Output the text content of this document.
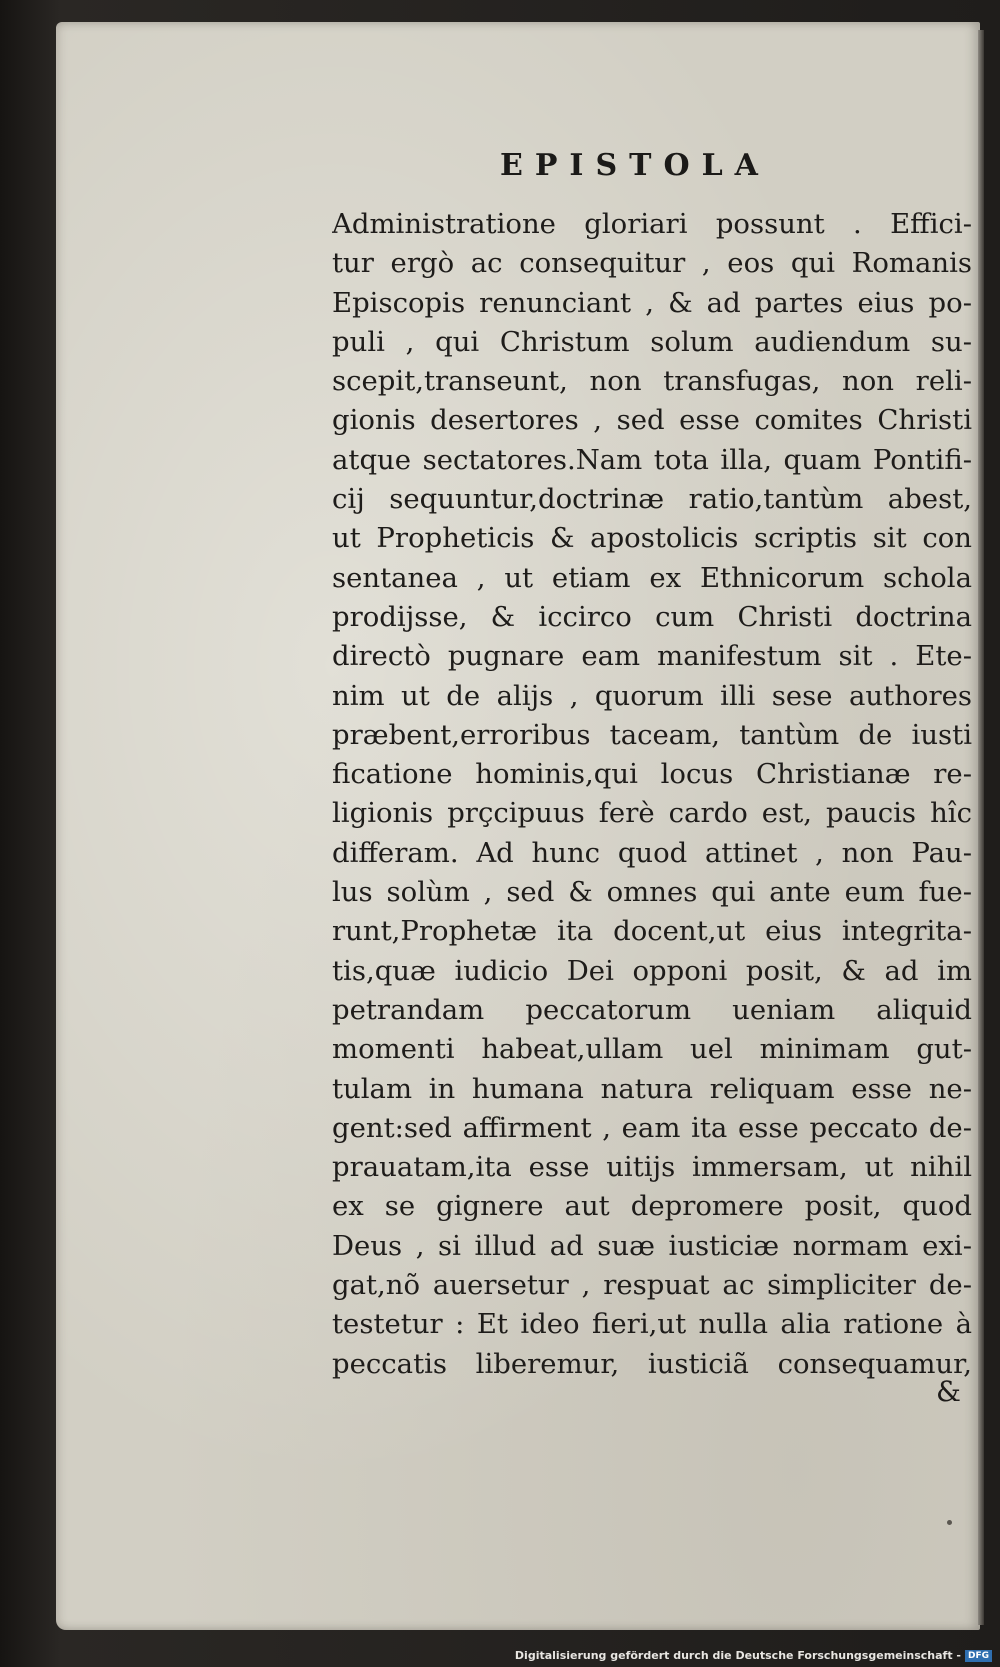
EPISTOLA
Administratione gloriari possunt . Effici-
tur ergò ac consequitur , eos qui Romanis
Episcopis renunciant , & ad partes eius po-
puli , qui Christum solum audiendum su-
scepit,transeunt, non transfugas, non reli-
gionis desertores , sed esse comites Christi
atque sectatores.Nam tota illa, quam Pontifi-
cij sequuntur,doctrinæ ratio,tantùm abest,
ut Propheticis & apostolicis scriptis sit con
sentanea , ut etiam ex Ethnicorum schola
prodijsse, & iccirco cum Christi doctrina
directò pugnare eam manifestum sit . Ete-
nim ut de alijs , quorum illi sese authores
præbent,erroribus taceam, tantùm de iusti
ficatione hominis,qui locus Christianæ re-
ligionis prçcipuus ferè cardo est, paucis hîc
differam. Ad hunc quod attinet , non Pau-
lus solùm , sed & omnes qui ante eum fue-
runt,Prophetæ ita docent,ut eius integrita-
tis,quæ iudicio Dei opponi posit, & ad im
petrandam peccatorum ueniam aliquid
momenti habeat,ullam uel minimam gut-
tulam in humana natura reliquam esse ne-
gent:sed affirment , eam ita esse peccato de-
prauatam,ita esse uitijs immersam, ut nihil
ex se gignere aut depromere posit, quod
Deus , si illud ad suæ iusticiæ normam exi-
gat,nõ auersetur , respuat ac simpliciter de-
testetur : Et ideo fieri,ut nulla alia ratione à
peccatis liberemur, iusticiã consequamur,
&
Digitalisierung gefördert durch die Deutsche Forschungsgemeinschaft - DFG
